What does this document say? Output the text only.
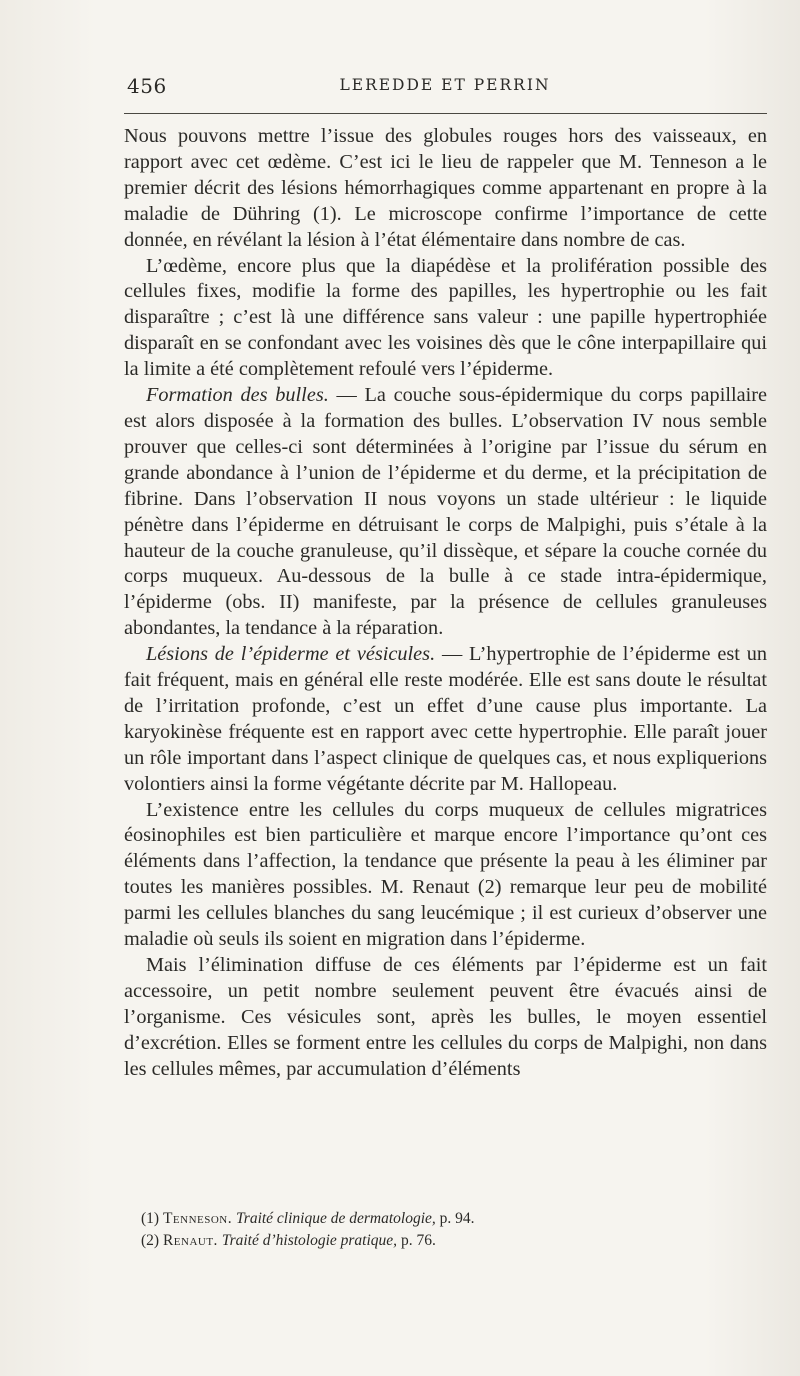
456	LEREDDE ET PERRIN

Nous pouvons mettre l’issue des globules rouges hors des vaisseaux, en rapport avec cet œdème. C’est ici le lieu de rappeler que M. Tenneson a le premier décrit des lésions hémorrhagiques comme appartenant en propre à la maladie de Dühring (1). Le microscope confirme l’importance de cette donnée, en révélant la lésion à l’état élémentaire dans nombre de cas.

L’œdème, encore plus que la diapédèse et la prolifération possible des cellules fixes, modifie la forme des papilles, les hypertrophie ou les fait disparaître ; c’est là une différence sans valeur : une papille hypertrophiée disparaît en se confondant avec les voisines dès que le cône interpapillaire qui la limite a été complètement refoulé vers l’épiderme.

Formation des bulles. — La couche sous-épidermique du corps papillaire est alors disposée à la formation des bulles. L’observation IV nous semble prouver que celles-ci sont déterminées à l’origine par l’issue du sérum en grande abondance à l’union de l’épiderme et du derme, et la précipitation de fibrine. Dans l’observation II nous voyons un stade ultérieur : le liquide pénètre dans l’épiderme en détruisant le corps de Malpighi, puis s’étale à la hauteur de la couche granuleuse, qu’il dissèque, et sépare la couche cornée du corps muqueux. Au-dessous de la bulle à ce stade intra-épidermique, l’épiderme (obs. II) manifeste, par la présence de cellules granuleuses abondantes, la tendance à la réparation.

Lésions de l’épiderme et vésicules. — L’hypertrophie de l’épiderme est un fait fréquent, mais en général elle reste modérée. Elle est sans doute le résultat de l’irritation profonde, c’est un effet d’une cause plus importante. La karyokinèse fréquente est en rapport avec cette hypertrophie. Elle paraît jouer un rôle important dans l’aspect clinique de quelques cas, et nous expliquerions volontiers ainsi la forme végétante décrite par M. Hallopeau.

L’existence entre les cellules du corps muqueux de cellules migratrices éosinophiles est bien particulière et marque encore l’importance qu’ont ces éléments dans l’affection, la tendance que présente la peau à les éliminer par toutes les manières possibles. M. Renaut (2) remarque leur peu de mobilité parmi les cellules blanches du sang leucémique ; il est curieux d’observer une maladie où seuls ils soient en migration dans l’épiderme.

Mais l’élimination diffuse de ces éléments par l’épiderme est un fait accessoire, un petit nombre seulement peuvent être évacués ainsi de l’organisme. Ces vésicules sont, après les bulles, le moyen essentiel d’excrétion. Elles se forment entre les cellules du corps de Malpighi, non dans les cellules mêmes, par accumulation d’éléments

(1) Tenneson. Traité clinique de dermatologie, p. 94.
(2) Renaut. Traité d’histologie pratique, p. 76.
